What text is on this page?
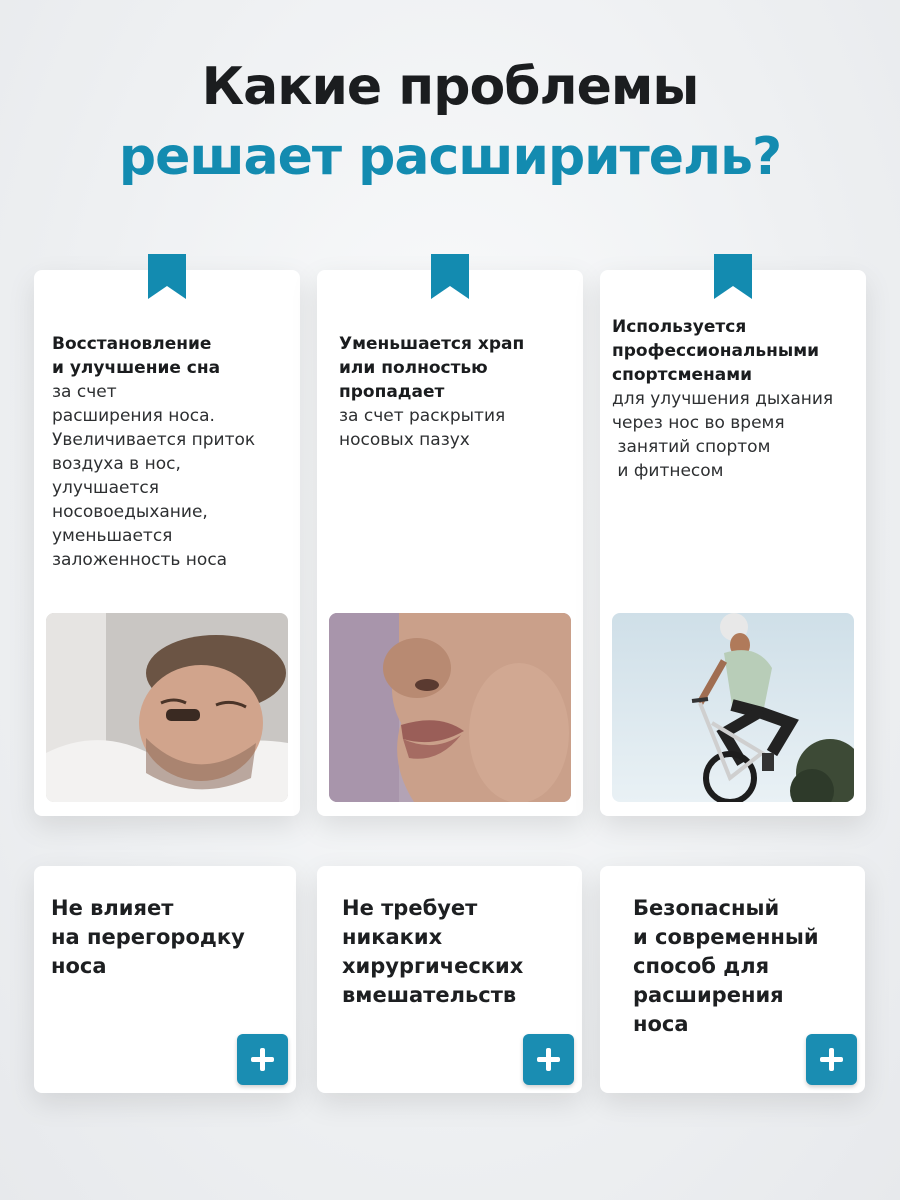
Какие проблемы
решает расширитель?
Восстановление
и улучшение сна
за счет
расширения носа.
Увеличивается приток
воздуха в нос,
улучшается
носовоедыхание,
уменьшается
заложенность носа
Уменьшается храп
или полностью
пропадает
за счет раскрытия
носовых пазух
Используется
профессиональными
спортсменами
для улучшения дыхания
через нос во время
занятий спортом
и фитнесом
Не влияет
на перегородку
носа
Не требует
никаких
хирургических
вмешательств
Безопасный
и современный
способ для
расширения
носа
